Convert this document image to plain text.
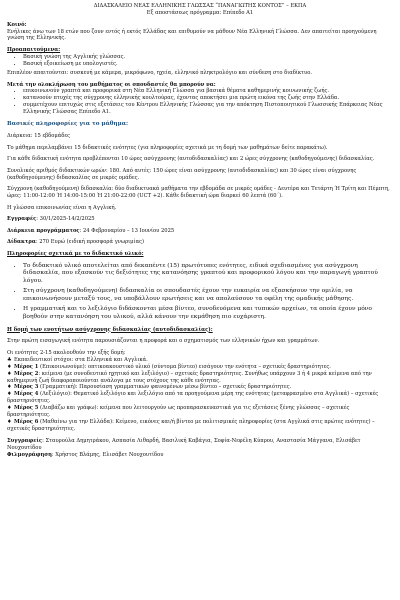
ΔΙΔΑΣΚΑΛΕΙΟ ΝΕΑΣ ΕΛΛΗΝΙΚΗΣ ΓΛΩΣΣΑΣ “ΠΑΝΑΓΙΩΤΗΣ ΚΟΝΤΟΣ” – ΕΚΠΑ
Εξ αποστάσεως πρόγραμμα: Επίπεδο Α1
Κοινό:
Ενήλικες άνω των 18 ετών που ζουν εντός ή εκτός Ελλάδας και επιθυμούν να μάθουν Νέα Ελληνική Γλώσσα. Δεν απαιτείται προηγούμενη γνώση της Ελληνικής.
Προαπαιτούμενα:
• Βασική γνώση της Αγγλικής γλώσσας.
• Βασική εξοικείωση με υπολογιστές.
Επιπλέον απαιτούνται: συσκευή με κάμερα, μικρόφωνο, ηχεία, ελληνικό πληκτρολόγιο και σύνδεση στο διαδίκτυο.
Μετά την ολοκλήρωση του μαθήματος οι σπουδαστές θα μπορούν να:
• επικοινωνούν γραπτά και προφορικά στη Νέα Ελληνική Γλώσσα για βασικά θέματα καθημερινής κοινωνικής ζωής.
• κατανοούν πτυχές της σύγχρονης ελληνικής κουλτούρας, έχοντας αποκτήσει μια πρώτη εικόνα της ζωής στην Ελλάδα.
• συμμετέχουν επιτυχώς στις εξετάσεις του Κέντρου Ελληνικής Γλώσσας για την απόκτηση Πιστοποιητικού Γλωσσικής Επάρκειας Νέας Ελληνικής Γλώσσας Επίπεδο Α1.
Βασικές πληροφορίες για το μάθημα:
Διάρκεια: 15 εβδομάδες
Το μάθημα περιλαμβάνει 15 διδακτικές ενότητες (για πληροφορίες σχετικά με τη δομή των μαθημάτων δείτε παρακάτω).
Για κάθε διδακτική ενότητα προβλέπονται 10 ώρες ασύγχρονης (αυτοδιδασκαλίας) και 2 ώρες σύγχρονης (καθοδηγούμενης) διδασκαλίας.
Συνολικός αριθμός διδακτικών ωρών: 180. Από αυτές: 150 ώρες είναι ασύγχρονης (αυτοδιδασκαλίας) και 30 ώρες είναι σύγχρονης (καθοδηγούμενης) διδασκαλίας σε μικρές ομάδες.
Σύγχρονη (καθοδηγούμενη) διδασκαλία: δύο διαδικτυακά μαθήματα την εβδομάδα σε μικρές ομάδες - Δευτέρα και Τετάρτη Ή Τρίτη και Πέμπτη, ώρες: 11:00-12:00 Ή 14:00-15:00 Ή 21:00-22:00 (UCT +2). Κάθε διδακτική ώρα διαρκεί 60 λεπτά (60΄).
Η γλώσσα επικοινωνίας είναι η Αγγλική.
Εγγραφές: 30/1/2025-14/2/2025
Διάρκεια προγράμματος: 24 Φεβρουαρίου – 13 Ιουνίου 2025
Δίδακτρα: 270 Ευρώ (ειδική προσφορά γνωριμίας)
Πληροφορίες σχετικά με το διδακτικό υλικό:
• Το διδακτικό υλικό αποτελείται από δεκαπέντε (15) πρωτότυπες ενότητες, ειδικά σχεδιασμένες για ασύγχρονη διδασκαλία, που εξασκούν τις δεξιότητες της κατανόησης γραπτού και προφορικού λόγου και την παραγωγή γραπτού λόγου.
• Στη σύγχρονη (καθοδηγούμενη) διδασκαλία οι σπουδαστές έχουν την ευκαιρία να εξασκήσουν την ομιλία, να επικοινωνήσουν μεταξύ τους, να υποβάλλουν ερωτήσεις και να απολαύσουν τα οφέλη της ομαδικής μάθησης.
• Η γραμματική και το λεξιλόγιο διδάσκονται μέσα βίντεο, συνοδευόμενα και τυπικών αρχείων, τα οποία έχουν μόνο βοηθούν στην κατανόηση του υλικού, αλλά κάνουν την εκμάθηση πιο ευχάριστη.
Η δομή των ενοτήτων ασύγχρονης διδασκαλίας (αυτοδιδασκαλίας):
Στην πρώτη εισαγωγική ενότητα παρουσιάζονται η προφορά και ο σχηματισμός των ελληνικών ήχων και γραμμάτων.
Οι ενότητες 2-15 ακολουθούν την εξής δομή:
♣ Εκπαιδευτικοί στόχοι: στα Ελληνικά και Αγγλικά.
♦ Μέρος 1 (Επικοινωνούμε): οπτικοακουστικό υλικό (σύντομα βίντεο) εισάγουν την ενότητα – σχετικές δραστηριότητες.
♦ Μέρος 2: κείμενα (με συνοδευτικό ηχητικό και λεξιλόγιο) – σχετικές δραστηριότητες. Συνήθως υπάρχουν 3 ή 4 μικρά κείμενα από την καθημερινή ζωή διαφοροποιούνται ανάλογα με τους στόχους της κάθε ενότητας.
♦ Μέρος 3 (Γραμματική): Παρουσίαση γραμματικών φαινομένων μέσω βίντεο – σχετικές δραστηριότητες.
♦ Μέρος 4 (Λεξιλόγιο): Θεματικό λεξιλόγιο και λεξιλόγιο από τα προηγούμενα μέρη της ενότητας (μεταφρασμένο στα Αγγλικά) – σχετικές δραστηριότητες.
♦ Μέρος 5 (Διαβάζω και γράφω): κείμενα που λειτουργούν ως προπαρασκευαστικά για τις εξετάσεις ξένης γλώσσας – σχετικές δραστηριότητες.
♦ Μέρος 6 (Μαθαίνω για την Ελλάδα): Κείμενο, εικόνες και/ή βίντεο με πολιτισμικές πληροφορίες (στα Αγγλικά στις πρώτες ενότητες) – σχετικές δραστηριότητες.
Συγγραφείς: Σταυρούλα Δημητράκου, Ασπασία Λιθαρδή, Βασιλική Καβάγια, Σοφία-Νεφέλη Κύπρου, Αναστασία Μάγγανα, Ελισάβετ Νουχουτίδου
Φιλμογράφηση: Χρήστος Βλάμης, Ελισάβετ Νουχουτίδου
